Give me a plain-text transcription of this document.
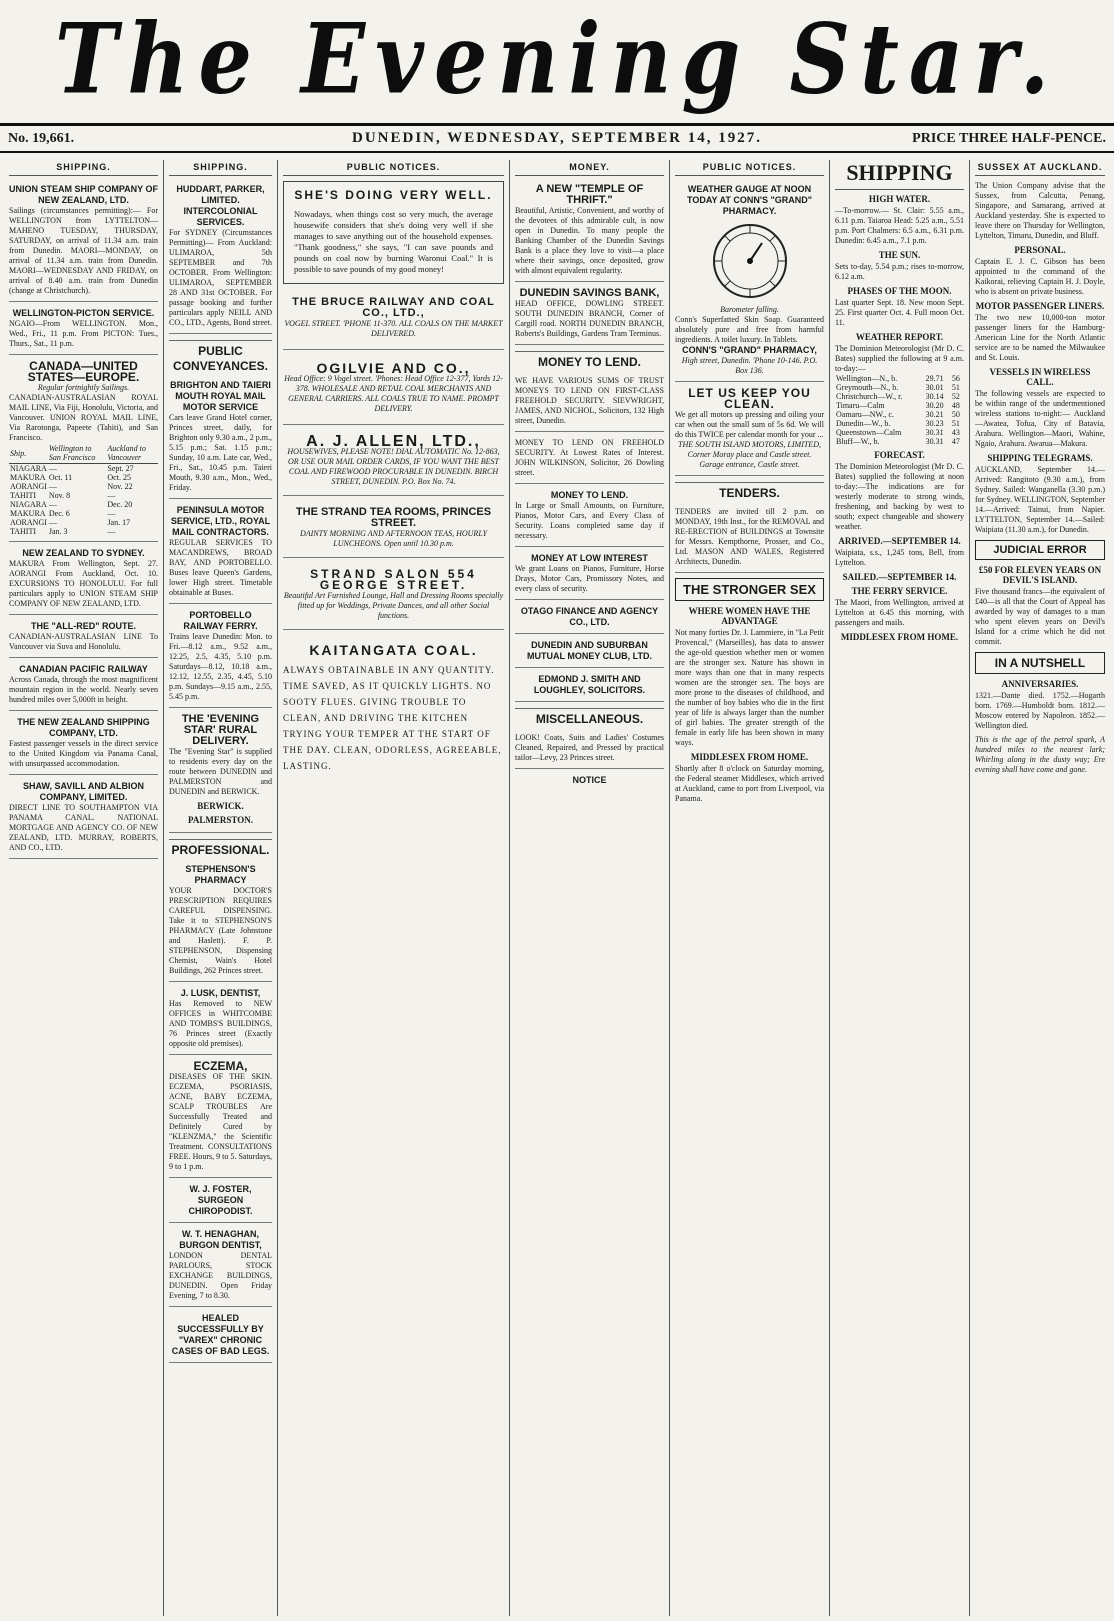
The Evening Star.
No. 19,661.	DUNEDIN, WEDNESDAY, SEPTEMBER 14, 1927.	PRICE THREE HALF-PENCE.
SHIPPING.
UNION STEAM SHIP COMPANY OF NEW ZEALAND, LTD.
Sailings (circumstances permitting):— For WELLINGTON from LYTTELTON— MAHENO TUESDAY, THURSDAY, SATURDAY, on arrival of 11.34 a.m. train from Dunedin. MAORI—MONDAY, on arrival of 11.34 a.m. train from Dunedin. MAORI—WEDNESDAY AND FRIDAY, on arrival of 8.40 a.m. train from Dunedin (change at Christchurch).
WELLINGTON-PICTON SERVICE.
NGAIO—From WELLINGTON. Mon., Wed., Fri., 11 p.m. From PICTON: Tues., Thurs., Sat., 11 p.m.
CANADA—UNITED STATES—EUROPE.
Regular fortnightly Sailings.
CANADIAN-AUSTRALASIAN ROYAL MAIL LINE, Via Fiji, Honolulu, Victoria, and Vancouver. UNION ROYAL MAIL LINE, Via Rarotonga, Papeete (Tahiti), and San Francisco.
Ship.	Wellington to San Francisco	Auckland to Vancouver
NIAGARA	—	Sept. 27
MAKURA	Oct. 11	Oct. 25
AORANGI	—	Nov. 22
TAHITI	Nov. 8	—
NIAGARA	—	Dec. 20
MAKURA	Dec. 6	—
AORANGI	—	Jan. 17
TAHITI	Jan. 3	—
NEW ZEALAND TO SYDNEY.
MAKURA From Wellington, Sept. 27. AORANGI From Auckland, Oct. 10. EXCURSIONS TO HONOLULU. For full particulars apply to UNION STEAM SHIP COMPANY OF NEW ZEALAND, LTD.
THE "ALL-RED" ROUTE.
CANADIAN-AUSTRALASIAN LINE To Vancouver via Suva and Honolulu.
CANADIAN PACIFIC RAILWAY
Across Canada, through the most magnificent mountain region in the world. Nearly seven hundred miles over 5,000ft in height.
THE NEW ZEALAND SHIPPING COMPANY, LTD.
Fastest passenger vessels in the direct service to the United Kingdom via Panama Canal, with unsurpassed accommodation.
SHAW, SAVILL AND ALBION COMPANY, LIMITED.
DIRECT LINE TO SOUTHAMPTON VIA PANAMA CANAL. NATIONAL MORTGAGE AND AGENCY CO. OF NEW ZEALAND, LTD. MURRAY, ROBERTS, AND CO., LTD.
SHIPPING.
HUDDART, PARKER, LIMITED. INTERCOLONIAL SERVICES.
For SYDNEY (Circumstances Permitting)— From Auckland: ULIMAROA, 5th SEPTEMBER and 7th OCTOBER. From Wellington: ULIMAROA, SEPTEMBER 28 AND 31st OCTOBER. For passage booking and further particulars apply NEILL AND CO., LTD., Agents, Bond street.
PUBLIC CONVEYANCES.
BRIGHTON AND TAIERI MOUTH ROYAL MAIL MOTOR SERVICE
Cars leave Grand Hotel corner, Princes street, daily, for Brighton only 9.30 a.m., 2 p.m., 5.15 p.m.; Sat. 1.15 p.m.; Sunday, 10 a.m. Late car, Wed., Fri., Sat., 10.45 p.m. Taieri Mouth, 9.30 a.m., Mon., Wed., Friday.
PENINSULA MOTOR SERVICE, LTD., ROYAL MAIL CONTRACTORS.
REGULAR SERVICES TO MACANDREWS, BROAD BAY, AND PORTOBELLO. Buses leave Queen's Gardens, lower High street. Timetable obtainable at Buses.
PORTOBELLO RAILWAY FERRY.
Trains leave Dunedin: Mon. to Fri.—8.12 a.m., 9.52 a.m., 12.25, 2.5, 4.35, 5.10 p.m. Saturdays—8.12, 10.18 a.m., 12.12, 12.55, 2.35, 4.45, 5.10 p.m. Sundays—9.15 a.m., 2.55, 5.45 p.m.
THE 'EVENING STAR' RURAL DELIVERY.
The "Evening Star" is supplied to residents every day on the route between DUNEDIN and PALMERSTON and DUNEDIN and BERWICK.
BERWICK.
PALMERSTON.
PROFESSIONAL.
STEPHENSON'S PHARMACY
YOUR DOCTOR'S PRESCRIPTION REQUIRES CAREFUL DISPENSING. Take it to STEPHENSON'S PHARMACY (Late Johnstone and Haslett). F. P. STEPHENSON, Dispensing Chemist, Wain's Hotel Buildings, 262 Princes street.
J. LUSK, DENTIST,
Has Removed to NEW OFFICES in WHITCOMBE AND TOMBS'S BUILDINGS, 76 Princes street (Exactly opposite old premises).
ECZEMA,
DISEASES OF THE SKIN. ECZEMA, PSORIASIS, ACNE, BABY ECZEMA, SCALP TROUBLES Are Successfully Treated and Definitely Cured by "KLENZMA," the Scientific Treatment. CONSULTATIONS FREE. Hours, 9 to 5. Saturdays, 9 to 1 p.m.
W. J. FOSTER, SURGEON CHIROPODIST.
W. T. HENAGHAN, BURGON DENTIST,
LONDON DENTAL PARLOURS, STOCK EXCHANGE BUILDINGS, DUNEDIN. Open Friday Evening, 7 to 8.30.
HEALED SUCCESSFULLY BY "VAREX" CHRONIC CASES OF BAD LEGS.
PUBLIC NOTICES.
SHE'S DOING VERY WELL.
Nowadays, when things cost so very much, the average housewife considers that she's doing very well if she manages to save anything out of the household expenses. "Thank goodness," she says, "I can save pounds and pounds on coal now by burning Waronui Coal." It is possible to save pounds of my good money!
THE BRUCE RAILWAY AND COAL CO., LTD.,
VOGEL STREET. 'PHONE 11-370. ALL COALS ON THE MARKET DELIVERED.
OGILVIE AND CO.,
Head Office: 9 Vogel street. 'Phones: Head Office 12-377, Yards 12-378. WHOLESALE AND RETAIL COAL MERCHANTS AND GENERAL CARRIERS. ALL COALS TRUE TO NAME. PROMPT DELIVERY.
A. J. ALLEN, LTD.,
HOUSEWIVES, PLEASE NOTE! DIAL AUTOMATIC No. 12-863, OR USE OUR MAIL ORDER CARDS, IF YOU WANT THE BEST COAL AND FIREWOOD PROCURABLE IN DUNEDIN. BIRCH STREET, DUNEDIN. P.O. Box No. 74.
THE STRAND TEA ROOMS, PRINCES STREET.
DAINTY MORNING AND AFTERNOON TEAS, HOURLY LUNCHEONS. Open until 10.30 p.m.
STRAND SALON 554 GEORGE STREET.
Beautiful Art Furnished Lounge, Hall and Dressing Rooms specially fitted up for Weddings, Private Dances, and all other Social functions.
KAITANGATA COAL.
ALWAYS OBTAINABLE IN ANY QUANTITY. TIME SAVED, AS IT QUICKLY LIGHTS. NO SOOTY FLUES. GIVING TROUBLE TO CLEAN, AND DRIVING THE KITCHEN TRYING YOUR TEMPER AT THE START OF THE DAY. CLEAN, ODORLESS, AGREEABLE, LASTING.
MONEY.
A NEW "TEMPLE OF THRIFT."
Beautiful, Artistic, Convenient, and worthy of the devotees of this admirable cult, is now open in Dunedin. To many people the Banking Chamber of the Dunedin Savings Bank is a place they love to visit—a place where their savings, once deposited, grow with almost equivalent regularity.
DUNEDIN SAVINGS BANK,
HEAD OFFICE, DOWLING STREET. SOUTH DUNEDIN BRANCH, Corner of Cargill road. NORTH DUNEDIN BRANCH, Roberts's Buildings, Gardens Tram Terminus.
MONEY TO LEND.
WE HAVE VARIOUS SUMS OF TRUST MONEYS TO LEND ON FIRST-CLASS FREEHOLD SECURITY. SIEVWRIGHT, JAMES, AND NICHOL, Solicitors, 132 High street, Dunedin.
MONEY TO LEND ON FREEHOLD SECURITY. At Lowest Rates of Interest. JOHN WILKINSON, Solicitor, 26 Dowling street.
MONEY TO LEND.
In Large or Small Amounts, on Furniture, Pianos, Motor Cars, and Every Class of Security. Loans completed same day if necessary.
MONEY AT LOW INTEREST
We grant Loans on Pianos, Furniture, Horse Drays, Motor Cars, Promissory Notes, and every class of security.
OTAGO FINANCE AND AGENCY CO., LTD.
DUNEDIN AND SUBURBAN MUTUAL MONEY CLUB, LTD.
EDMOND J. SMITH AND LOUGHLEY, SOLICITORS.
MISCELLANEOUS.
LOOK! Coats, Suits and Ladies' Costumes Cleaned, Repaired, and Pressed by practical tailor—Levy, 23 Princes street.
NOTICE
PUBLIC NOTICES.
WEATHER GAUGE AT NOON TODAY AT CONN'S "GRAND" PHARMACY.
Barometer falling.
Conn's Superfatted Skin Soap. Guaranteed absolutely pure and free from harmful ingredients. A toilet luxury. In Tablets.
CONN'S "GRAND" PHARMACY,
High street, Dunedin. 'Phone 10-146. P.O. Box 136.
LET US KEEP YOU CLEAN.
We get all motors up pressing and oiling your car when out the small sum of 5s 6d. We will do this TWICE per calendar month for your ...
THE SOUTH ISLAND MOTORS, LIMITED, Corner Moray place and Castle street. Garage entrance, Castle street.
TENDERS.
TENDERS are invited till 2 p.m. on MONDAY, 19th Inst., for the REMOVAL and RE-ERECTION of BUILDINGS at Townsite for Messrs. Kempthorne, Prosser, and Co., Ltd. MASON AND WALES, Registered Architects, Dunedin.
THE STRONGER SEX
WHERE WOMEN HAVE THE ADVANTAGE
Not many forties Dr. J. Lammiere, in "La Petit Provencal," (Marseilles), has data to answer the age-old question whether men or women are the stronger sex. Nature has shown in more ways than one that in many respects women are the stronger sex. The boys are more prone to the diseases of childhood, and the number of boy babies who die in the first year of life is always larger than the number of girl babies. The greater strength of the female in early life has been shown in many ways.
MIDDLESEX FROM HOME.
Shortly after 8 o'clock on Saturday morning, the Federal steamer Middlesex, which arrived at Auckland, came to port from Liverpool, via Panama.
SHIPPING
HIGH WATER.
—To-morrow.— St. Clair: 5.55 a.m., 6.11 p.m. Taiaroa Head: 5.25 a.m., 5.51 p.m. Port Chalmers: 6.5 a.m., 6.31 p.m. Dunedin: 6.45 a.m., 7.1 p.m.
THE SUN.
Sets to-day, 5.54 p.m.; rises to-morrow, 6.12 a.m.
PHASES OF THE MOON.
Last quarter Sept. 18. New moon Sept. 25. First quarter Oct. 4. Full moon Oct. 11.
WEATHER REPORT.
The Dominion Meteorologist (Mr D. C. Bates) supplied the following at 9 a.m. to-day:—
Wellington—N., b.	29.71	56
Greymouth—N., b.	30.01	51
Christchurch—W., r.	30.14	52
Timaru—Calm	30.20	48
Oamaru—NW., c.	30.21	50
Dunedin—W., b.	30.23	51
Queenstown—Calm	30.31	43
Bluff—W., b.	30.31	47
FORECAST.
The Dominion Meteorologist (Mr D. C. Bates) supplied the following at noon to-day:—The indications are for westerly moderate to strong winds, freshening, and backing by west to south; expect changeable and showery weather.
ARRIVED.—SEPTEMBER 14.
Waipiata, s.s., 1,245 tons, Bell, from Lyttelton.
SAILED.—SEPTEMBER 14.
THE FERRY SERVICE.
The Maori, from Wellington, arrived at Lyttelton at 6.45 this morning, with passengers and mails.
MIDDLESEX FROM HOME.
SUSSEX AT AUCKLAND.
The Union Company advise that the Sussex, from Calcutta, Penang, Singapore, and Samarang, arrived at Auckland yesterday. She is expected to leave there on Thursday for Wellington, Lyttelton, Timaru, Dunedin, and Bluff.
PERSONAL.
Captain E. J. C. Gibson has been appointed to the command of the Kaikorai, relieving Captain H. J. Doyle, who is absent on private business.
MOTOR PASSENGER LINERS.
The two new 10,000-ton motor passenger liners for the Hamburg-American Line for the North Atlantic service are to be named the Milwaukee and St. Louis.
VESSELS IN WIRELESS CALL.
The following vessels are expected to be within range of the undermentioned wireless stations to-night:— Auckland—Awatea, Tofua, City of Batavia, Arahura. Wellington—Maori, Wahine, Ngaio, Arahura. Awarua—Makura.
SHIPPING TELEGRAMS.
AUCKLAND, September 14.—Arrived: Rangitoto (9.30 a.m.), from Sydney. Sailed: Wanganella (3.30 p.m.) for Sydney. WELLINGTON, September 14.—Arrived: Tainui, from Napier. LYTTELTON, September 14.—Sailed: Waipiata (11.30 a.m.), for Dunedin.
JUDICIAL ERROR
£50 FOR ELEVEN YEARS ON DEVIL'S ISLAND.
Five thousand francs—the equivalent of £40—is all that the Court of Appeal has awarded by way of damages to a man who spent eleven years on Devil's Island for a crime which he did not commit.
IN A NUTSHELL
ANNIVERSARIES.
1321.—Dante died. 1752.—Hogarth born. 1769.—Humboldt born. 1812.—Moscow entered by Napoleon. 1852.—Wellington died.
This is the age of the petrol spark, A hundred miles to the nearest lark; Whirling along in the dusty way; Ere evening shall have come and gone.
